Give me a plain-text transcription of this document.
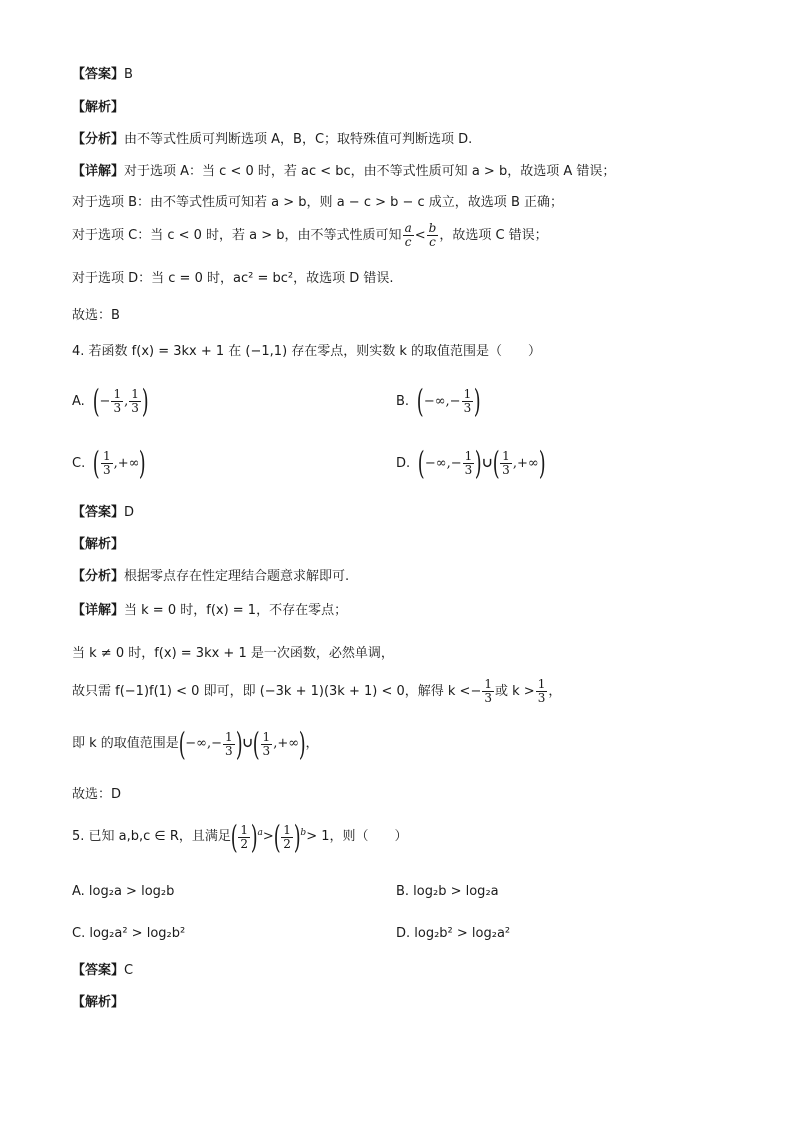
【答案】B
【解析】
【分析】由不等式性质可判断选项 A，B，C；取特殊值可判断选项 D.
【详解】对于选项 A：当 c < 0 时，若 ac < bc，由不等式性质可知 a > b，故选项 A 错误；
对于选项 B：由不等式性质可知若 a > b，则 a − c > b − c 成立，故选项 B 正确；
对于选项 C：当 c < 0 时，若 a > b，由不等式性质可知 $\frac{a}{c} < \frac{b}{c}$ ，故选项 C 错误；
对于选项 D：当 c = 0 时，ac² = bc²，故选项 D 错误.
故选：B
4. 若函数 f(x) = 3kx + 1 在 (−1,1) 存在零点，则实数 k 的取值范围是（　　）
A.
( − $\frac{1}{3}$ , $\frac{1}{3}$ )	B.
( −∞,− $\frac{1}{3}$ )
C.
( $\frac{1}{3}$ ,+∞ )	D.
( −∞,− $\frac{1}{3}$ ) ∪ ( $\frac{1}{3}$ ,+∞ )
【答案】D
【解析】
【分析】根据零点存在性定理结合题意求解即可.
【详解】当 k = 0 时，f(x) = 1，不存在零点；
当 k ≠ 0 时，f(x) = 3kx + 1 是一次函数，必然单调，
故只需 f(−1)f(1) < 0 即可，即 (−3k + 1)(3k + 1) < 0，解得 k < − $\frac{1}{3}$ 或 $k > \frac{1}{3}$ ，
即 k 的取值范围是 ( −∞,− $\frac{1}{3}$ ) ∪ ( $\frac{1}{3}$ ,+∞ ) ，
故选：D
5. 已知 a,b,c ∈ R，且满足 ( $\frac{1}{2}$ ) a > ( $\frac{1}{2}$ ) b > 1，则（　　）
A. log₂a > log₂b	B. log₂b > log₂a
C. log₂a² > log₂b²	D. log₂b² > log₂a²
【答案】C
【解析】
